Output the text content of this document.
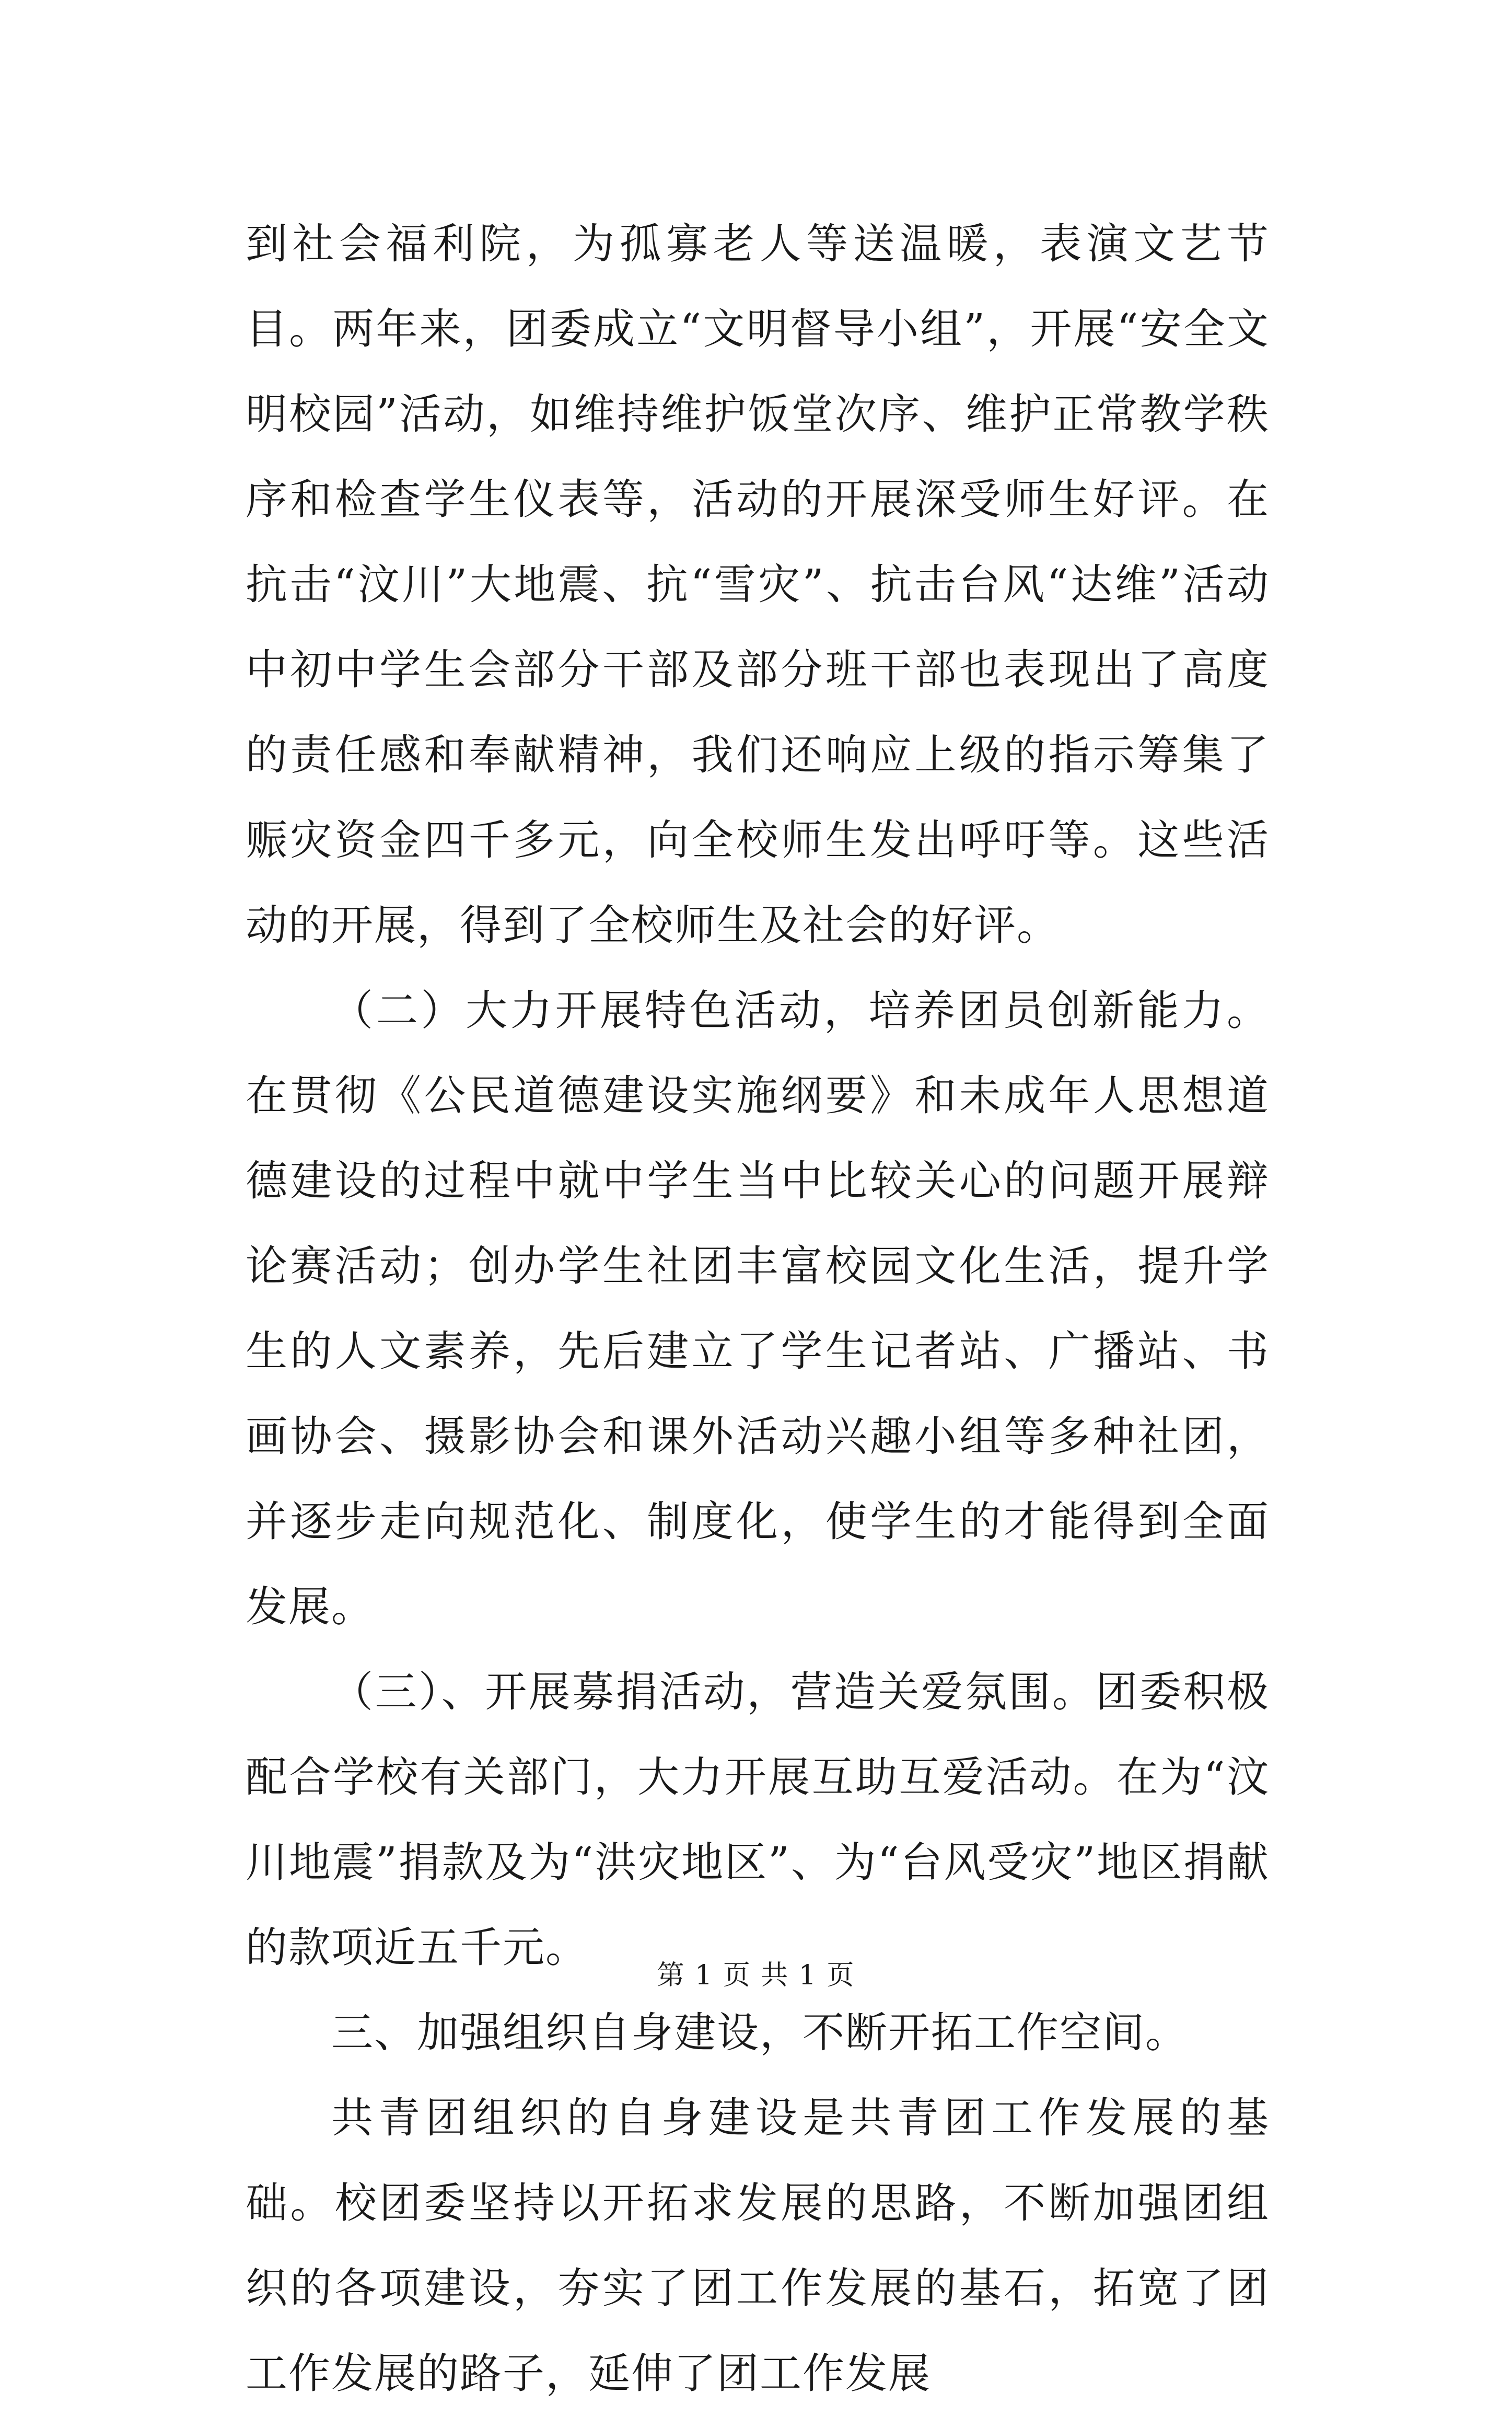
到社会福利院，为孤寡老人等送温暖，表演文艺节目。两年来，团委成立“文明督导小组”，开展“安全文明校园”活动，如维持维护饭堂次序、维护正常教学秩序和检查学生仪表等，活动的开展深受师生好评。在抗击“汶川”大地震、抗“雪灾”、抗击台风“达维”活动中初中学生会部分干部及部分班干部也表现出了高度的责任感和奉献精神，我们还响应上级的指示筹集了赈灾资金四千多元，向全校师生发出呼吁等。这些活动的开展，得到了全校师生及社会的好评。

（二）大力开展特色活动，培养团员创新能力。在贯彻《公民道德建设实施纲要》和未成年人思想道德建设的过程中就中学生当中比较关心的问题开展辩论赛活动；创办学生社团丰富校园文化生活，提升学生的人文素养，先后建立了学生记者站、广播站、书画协会、摄影协会和课外活动兴趣小组等多种社团，并逐步走向规范化、制度化，使学生的才能得到全面发展。

（三）、开展募捐活动，营造关爱氛围。团委积极配合学校有关部门，大力开展互助互爱活动。在为“汶川地震”捐款及为“洪灾地区”、为“台风受灾”地区捐献的款项近五千元。

三、加强组织自身建设，不断开拓工作空间。

共青团组织的自身建设是共青团工作发展的基础。校团委坚持以开拓求发展的思路，不断加强团组织的各项建设，夯实了团工作发展的基石，拓宽了团工作发展的路子，延伸了团工作发展

第 1 页 共 1 页
